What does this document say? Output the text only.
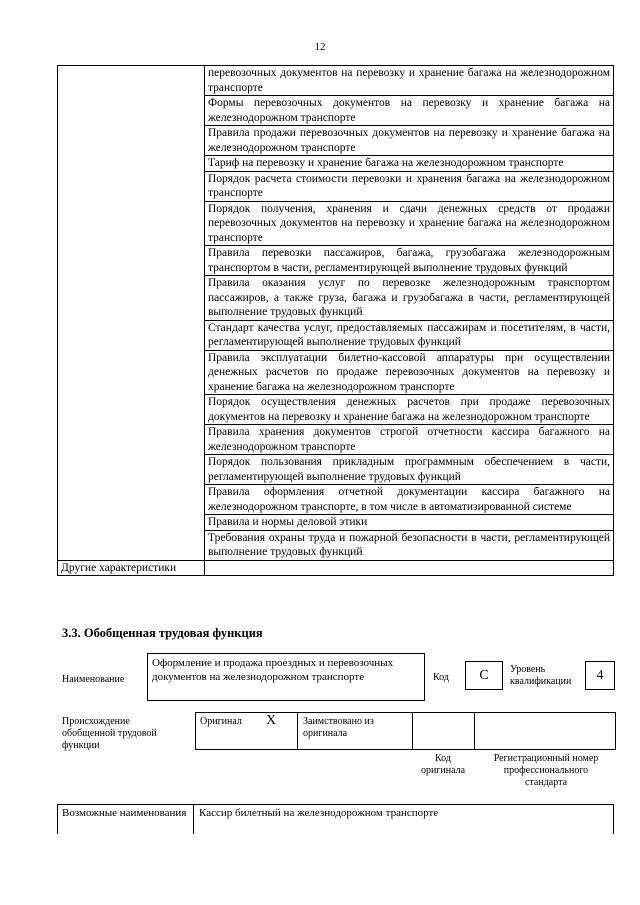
12
	перевозочных документов на перевозку и хранение багажа на железнодорожном транспорте
	Формы перевозочных документов на перевозку и хранение багажа на железнодорожном транспорте
	Правила продажи перевозочных документов на перевозку и хранение багажа на железнодорожном транспорте
	Тариф на перевозку и хранение багажа на железнодорожном транспорте
	Порядок расчета стоимости перевозки и хранения багажа на железнодорожном транспорте
	Порядок получения, хранения и сдачи денежных средств от продажи перевозочных документов на перевозку и хранение багажа на железнодорожном транспорте
	Правила перевозки пассажиров, багажа, грузобагажа железнодорожным транспортом в части, регламентирующей выполнение трудовых функций
	Правила оказания услуг по перевозке железнодорожным транспортом пассажиров, а также груза, багажа и грузобагажа в части, регламентирующей выполнение трудовых функций
	Стандарт качества услуг, предоставляемых пассажирам и посетителям, в части, регламентирующей выполнение трудовых функций
	Правила эксплуатации билетно-кассовой аппаратуры при осуществлении денежных расчетов по продаже перевозочных документов на перевозку и хранение багажа на железнодорожном транспорте
	Порядок осуществления денежных расчетов при продаже перевозочных документов на перевозку и хранение багажа на железнодорожном транспорте
	Правила хранения документов строгой отчетности кассира багажного на железнодорожном транспорте
	Порядок пользования прикладным программным обеспечением в части, регламентирующей выполнение трудовых функций
	Правила оформления отчетной документации кассира багажного на железнодорожном транспорте, в том числе в автоматизированной системе
	Правила и нормы деловой этики
	Требования охраны труда и пожарной безопасности в части, регламентирующей выполнение трудовых функций
Другие характеристики	
3.3. Обобщенная трудовая функция
Наименование
Оформление и продажа проездных и перевозочных документов на железнодорожном транспорте	Код	C	Уровень квалификации	4
Происхождение обобщенной трудовой функции
Оригинал X	Заимствовано из оригинала
Код оригинала
Регистрационный номер профессионального стандарта
Возможные наименования	Кассир билетный на железнодорожном транспорте
